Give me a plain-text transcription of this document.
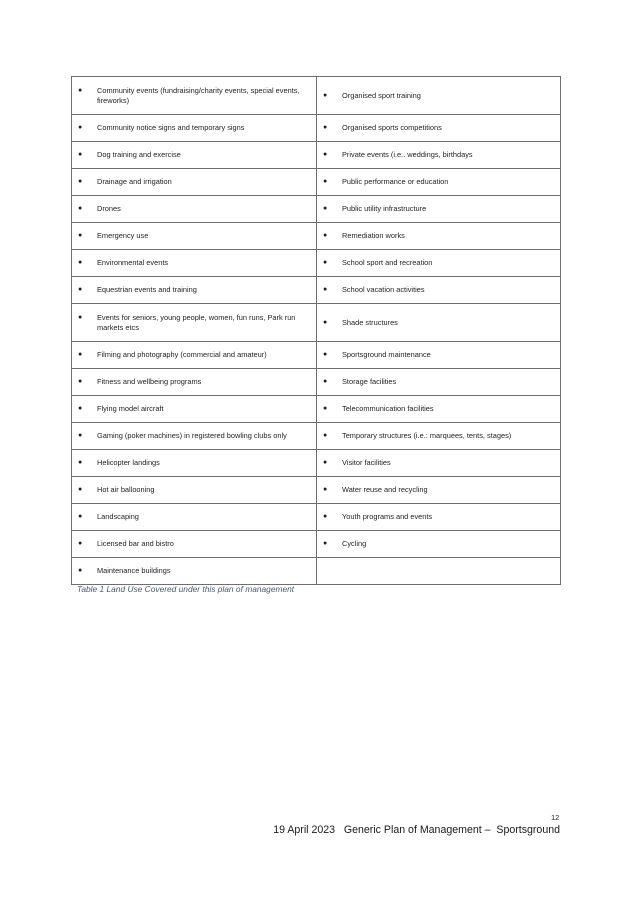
● Community events (fundraising/charity events, special events, fireworks)	● Organised sport training

● Community notice signs and temporary signs	● Organised sports competitions

● Dog training and exercise	● Private events (i.e.. weddings, birthdays

● Drainage and irrigation	● Public performance or education

● Drones	● Public utility infrastructure

● Emergency use	● Remediation works

● Environmental events	● School sport and recreation

● Equestrian events and training	● School vacation activities

● Events for seniors, young people, women, fun runs, Park run markets etcs	● Shade structures

● Filming and photography (commercial and amateur)	● Sportsground maintenance

● Fitness and wellbeing programs	● Storage facilities

● Flying model aircraft	● Telecommunication facilities

● Gaming (poker machines) in registered bowling clubs only	● Temporary structures (i.e.: marquees, tents, stages)

● Helicopter landings	● Visitor facilities

● Hot air ballooning	● Water reuse and recycling

● Landscaping	● Youth programs and events

● Licensed bar and bistro	● Cycling

● Maintenance buildings	

Table 1 Land Use Covered under this plan of management
12
19 April 2023   Generic Plan of Management –  Sportsground
